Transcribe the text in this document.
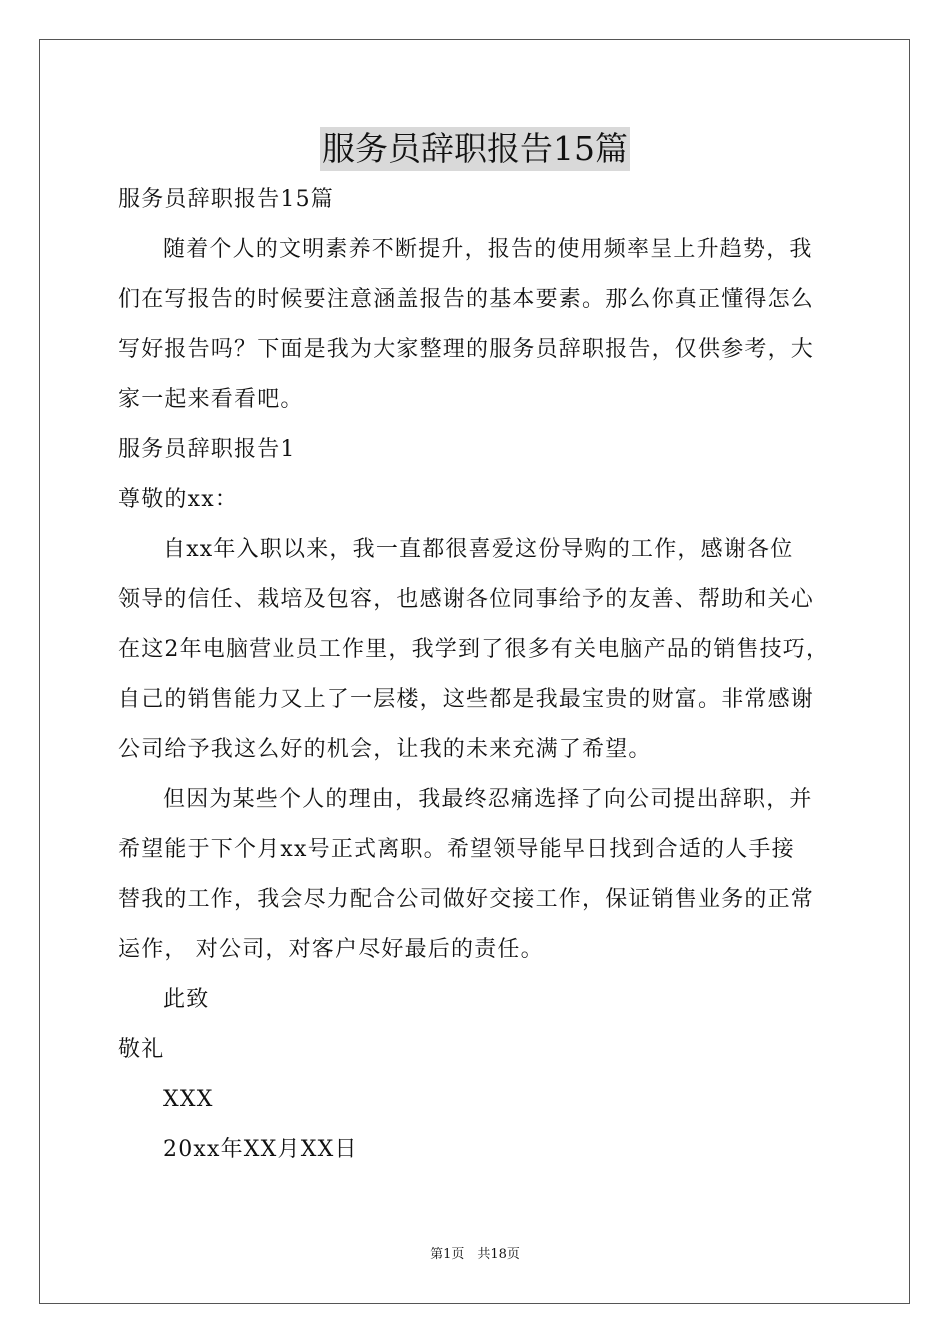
服务员辞职报告15篇
服务员辞职报告15篇
随着个人的文明素养不断提升，报告的使用频率呈上升趋势，我
们在写报告的时候要注意涵盖报告的基本要素。那么你真正懂得怎么
写好报告吗？下面是我为大家整理的服务员辞职报告，仅供参考，大
家一起来看看吧。
服务员辞职报告1
尊敬的xx：
自xx年入职以来，我一直都很喜爱这份导购的工作，感谢各位
领导的信任、栽培及包容，也感谢各位同事给予的友善、帮助和关心
在这2年电脑营业员工作里，我学到了很多有关电脑产品的销售技巧，
自己的销售能力又上了一层楼，这些都是我最宝贵的财富。非常感谢
公司给予我这么好的机会，让我的未来充满了希望。
但因为某些个人的理由，我最终忍痛选择了向公司提出辞职，并
希望能于下个月xx号正式离职。希望领导能早日找到合适的人手接
替我的工作，我会尽力配合公司做好交接工作，保证销售业务的正常
运作， 对公司，对客户尽好最后的责任。
此致
敬礼
XXX
20xx年XX月XX日
第1页　共18页
